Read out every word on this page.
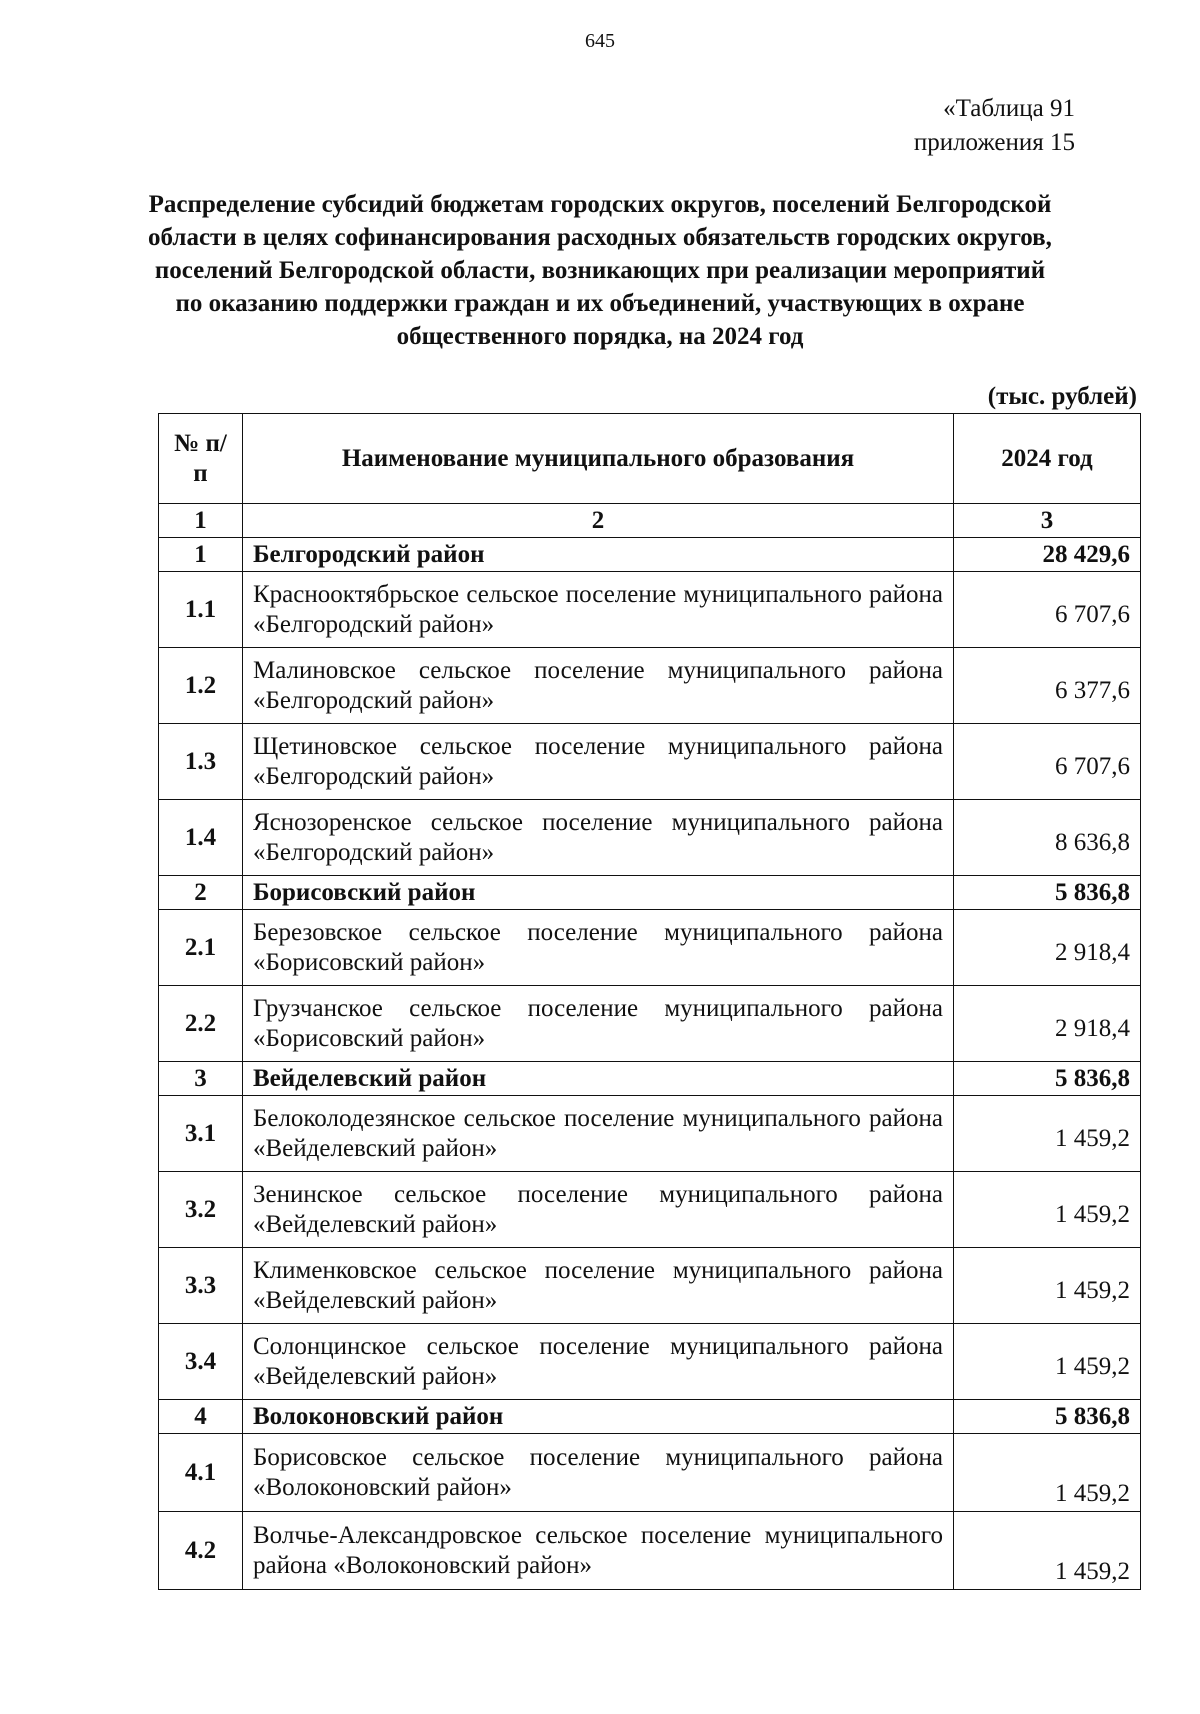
645
«Таблица 91
приложения 15
Распределение субсидий бюджетам городских округов, поселений Белгородской области в целях софинансирования расходных обязательств городских округов, поселений Белгородской области, возникающих при реализации мероприятий по оказанию поддержки граждан и их объединений, участвующих в охране общественного порядка, на 2024 год
(тыс. рублей)
№ п/п	Наименование муниципального образования	2024 год
1	2	3
1	Белгородский район	28 429,6
1.1	Краснооктябрьское сельское поселение муниципального района «Белгородский район»	6 707,6
1.2	Малиновское сельское поселение муниципального района «Белгородский район»	6 377,6
1.3	Щетиновское сельское поселение муниципального района «Белгородский район»	6 707,6
1.4	Яснозоренское сельское поселение муниципального района «Белгородский район»	8 636,8
2	Борисовский район	5 836,8
2.1	Березовское сельское поселение муниципального района «Борисовский район»	2 918,4
2.2	Грузчанское сельское поселение муниципального района «Борисовский район»	2 918,4
3	Вейделевский район	5 836,8
3.1	Белоколодезянское сельское поселение муниципального района «Вейделевский район»	1 459,2
3.2	Зенинское сельское поселение муниципального района «Вейделевский район»	1 459,2
3.3	Клименковское сельское поселение муниципального района «Вейделевский район»	1 459,2
3.4	Солонцинское сельское поселение муниципального района «Вейделевский район»	1 459,2
4	Волоконовский район	5 836,8
4.1	Борисовское сельское поселение муниципального района «Волоконовский район»	1 459,2
4.2	Волчье-Александровское сельское поселение муниципального района «Волоконовский район»	1 459,2
